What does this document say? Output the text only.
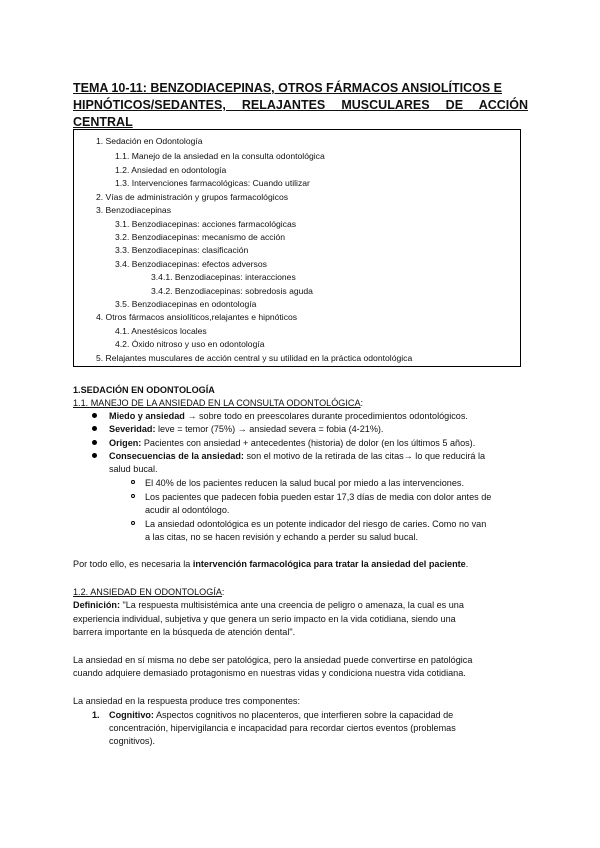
TEMA 10-11: BENZODIACEPINAS, OTROS FÁRMACOS ANSIOLÍTICOS E
HIPNÓTICOS/SEDANTES, RELAJANTES MUSCULARES DE ACCIÓN CENTRAL
1. Sedación en Odontología
1.1. Manejo de la ansiedad en la consulta odontológica
1.2. Ansiedad en odontología
1.3. Intervenciones farmacológicas: Cuando utilizar
2. Vías de administración y grupos farmacológicos
3. Benzodiacepinas
3.1. Benzodiacepinas: acciones farmacológicas
3.2. Benzodiacepinas: mecanismo de acción
3.3. Benzodiacepinas: clasificación
3.4. Benzodiacepinas: efectos adversos
3.4.1. Benzodiacepinas: interacciones
3.4.2. Benzodiacepinas: sobredosis aguda
3.5. Benzodiacepinas en odontología
4. Otros fármacos ansiolíticos,relajantes e hipnóticos
4.1. Anestésicos locales
4.2. Óxido nitroso y uso en odontología
5. Relajantes musculares de acción central y su utilidad en la práctica odontológica
1.SEDACIÓN EN ODONTOLOGÍA
1.1. MANEJO DE LA ANSIEDAD EN LA CONSULTA ODONTOLÓGICA:
Miedo y ansiedad → sobre todo en preescolares durante procedimientos odontológicos.
Severidad: leve = temor (75%) → ansiedad severa = fobia (4-21%).
Origen: Pacientes con ansiedad + antecedentes (historia) de dolor (en los últimos 5 años).
Consecuencias de la ansiedad: son el motivo de la retirada de las citas→ lo que reducirá la
salud bucal.
El 40% de los pacientes reducen la salud bucal por miedo a las intervenciones.
Los pacientes que padecen fobia pueden estar 17,3 días de media con dolor antes de
acudir al odontólogo.
La ansiedad odontológica es un potente indicador del riesgo de caries. Como no van
a las citas, no se hacen revisión y echando a perder su salud bucal.
Por todo ello, es necesaria la intervención farmacológica para tratar la ansiedad del paciente.
1.2. ANSIEDAD EN ODONTOLOGÍA:
Definición: "La respuesta multisistémica ante una creencia de peligro o amenaza, la cual es una
experiencia individual, subjetiva y que genera un serio impacto en la vida cotidiana, siendo una
barrera importante en la búsqueda de atención dental".
La ansiedad en sí misma no debe ser patológica, pero la ansiedad puede convertirse en patológica
cuando adquiere demasiado protagonismo en nuestras vidas y condiciona nuestra vida cotidiana.
La ansiedad en la respuesta produce tres componentes:
1. Cognitivo: Aspectos cognitivos no placenteros, que interfieren sobre la capacidad de
concentración, hipervigilancia e incapacidad para recordar ciertos eventos (problemas
cognitivos).
